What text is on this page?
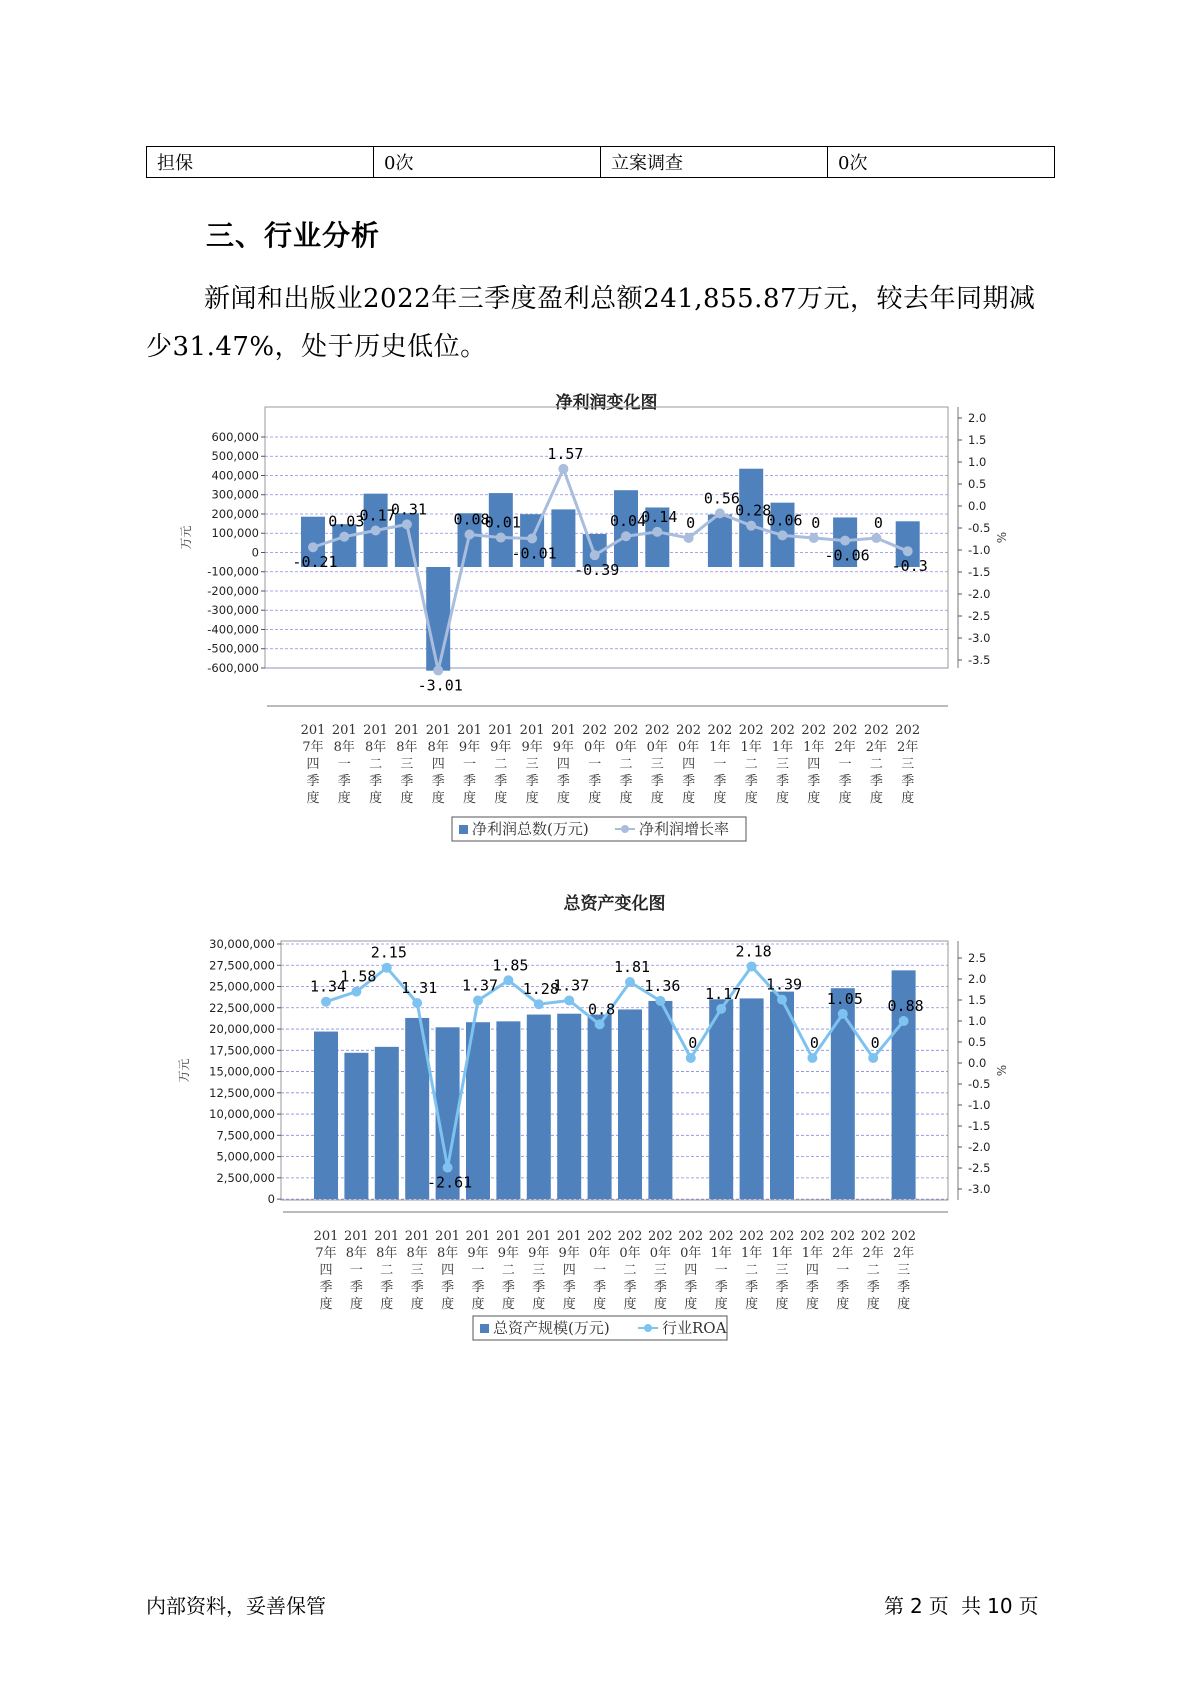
担保	0次	立案调查	0次
三、行业分析
新闻和出版业2022年三季度盈利总额241,855.87万元，较去年同期减少31.47%，处于历史低位。
净利润变化图
600,000
500,000
400,000
300,000
200,000
100,000
0
-100,000
-200,000
-300,000
-400,000
-500,000
-600,000
2.0
1.5
1.0
0.5
0.0
-0.5
-1.0
-1.5
-2.0
-2.5
-3.0
-3.5
万元	%
-0.21
0.03
0.17
0.31
-3.01
0.08
0.01
-0.01
1.57
-0.39
0.04
0.14 0
0.56
0.28
0.06 0
-0.06
0
-0.3
201
7年
四
季
度
201
8年
一
季
度
201
8年
二
季
度
201
8年
三
季
度
201
8年
四
季
度
201
9年
一
季
度
201
9年
二
季
度
201
9年
三
季
度
201
9年
四
季
度
202
0年
一
季
度
202
0年
二
季
度
202
0年
三
季
度
202
0年
四
季
度
202
1年
一
季
度
202
1年
二
季
度
202
1年
三
季
度
202
1年
四
季
度
202
2年
一
季
度
202
2年
二
季
度
202
2年
三
季
度
净利润总数(万元)	净利润增长率
总资产变化图
30,000,000
27,500,000
25,000,000
22,500,000
20,000,000
17,500,000
15,000,000
12,500,000
10,000,000
7,500,000
5,000,000
2,500,000
0
2.5
2.0
1.5
1.0
0.5
0.0
-0.5
-1.0
-1.5
-2.0
-2.5
-3.0
万元	%
1.34
1.58
2.15
1.31
-2.61
1.37
1.85
1.28
1.37
0.8
1.81
1.36
0
1.17
2.18
1.39
0
1.05
0
0.88
201
7年
四
季
度
201
8年
一
季
度
201
8年
二
季
度
201
8年
三
季
度
201
8年
四
季
度
201
9年
一
季
度
201
9年
二
季
度
201
9年
三
季
度
201
9年
四
季
度
202
0年
一
季
度
202
0年
二
季
度
202
0年
三
季
度
202
0年
四
季
度
202
1年
一
季
度
202
1年
二
季
度
202
1年
三
季
度
202
1年
四
季
度
202
2年
一
季
度
202
2年
二
季
度
202
2年
三
季
度
总资产规模(万元)	行业ROA
内部资料，妥善保管	第 2 页 共 10 页
